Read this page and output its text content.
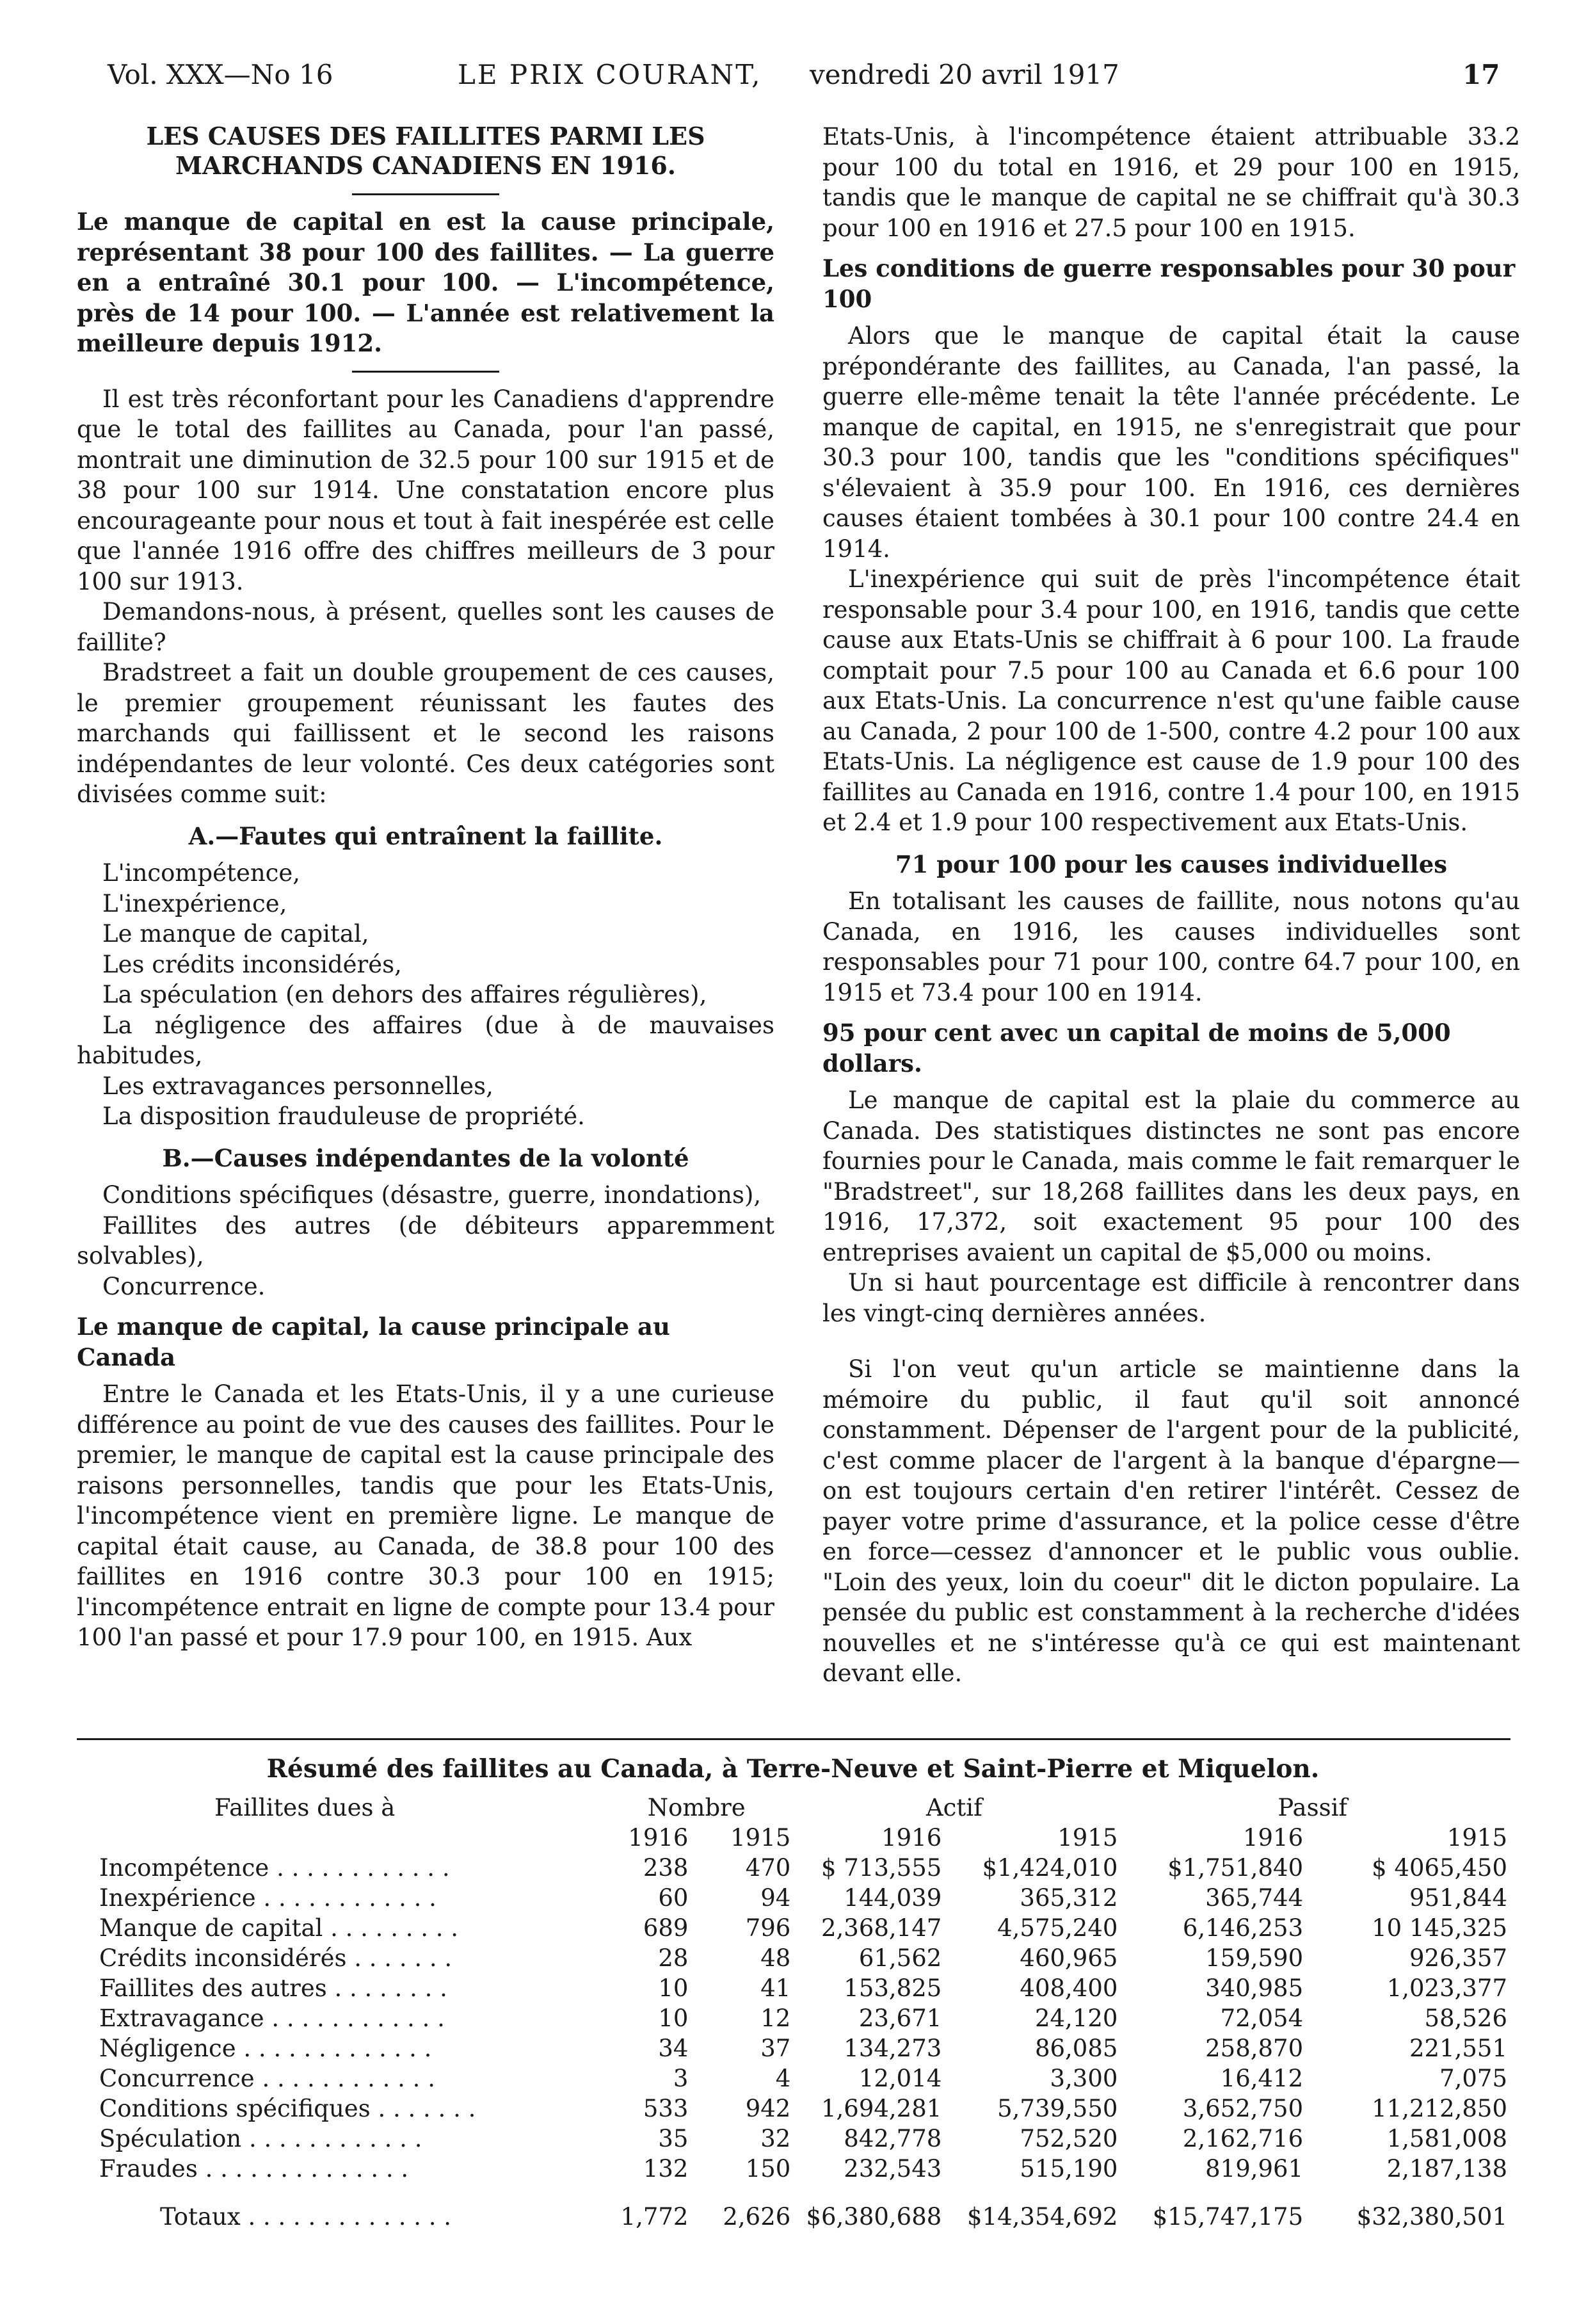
Vol. XXX—No 16	LE PRIX COURANT, vendredi 20 avril 1917	17
LES CAUSES DES FAILLITES PARMI LES MARCHANDS CANADIENS EN 1916.

Le manque de capital en est la cause principale, représentant 38 pour 100 des faillites. — La guerre en a entraîné 30.1 pour 100. — L'incompétence, près de 14 pour 100. — L'année est relativement la meilleure depuis 1912.

Il est très réconfortant pour les Canadiens d'apprendre que le total des faillites au Canada, pour l'an passé, montrait une diminution de 32.5 pour 100 sur 1915 et de 38 pour 100 sur 1914. Une constatation encore plus encourageante pour nous et tout à fait inespérée est celle que l'année 1916 offre des chiffres meilleurs de 3 pour 100 sur 1913.

Demandons-nous, à présent, quelles sont les causes de faillite?

Bradstreet a fait un double groupement de ces causes, le premier groupement réunissant les fautes des marchands qui faillissent et le second les raisons indépendantes de leur volonté. Ces deux catégories sont divisées comme suit:

A.—Fautes qui entraînent la faillite.
L'incompétence,
L'inexpérience,
Le manque de capital,
Les crédits inconsidérés,
La spéculation (en dehors des affaires régulières),

La négligence des affaires (due à de mauvaises habitudes,

Les extravagances personnelles,
La disposition frauduleuse de propriété.
B.—Causes indépendantes de la volonté

Conditions spécifiques (désastre, guerre, inondations),

Faillites des autres (de débiteurs apparemment solvables),

Concurrence.
Le manque de capital, la cause principale au Canada

Entre le Canada et les Etats-Unis, il y a une curieuse différence au point de vue des causes des faillites. Pour le premier, le manque de capital est la cause principale des raisons personnelles, tandis que pour les Etats-Unis, l'incompétence vient en première ligne. Le manque de capital était cause, au Canada, de 38.8 pour 100 des faillites en 1916 contre 30.3 pour 100 en 1915; l'incompétence entrait en ligne de compte pour 13.4 pour 100 l'an passé et pour 17.9 pour 100, en 1915. Aux

Etats-Unis, à l'incompétence étaient attribuable 33.2 pour 100 du total en 1916, et 29 pour 100 en 1915, tandis que le manque de capital ne se chiffrait qu'à 30.3 pour 100 en 1916 et 27.5 pour 100 en 1915.

Les conditions de guerre responsables pour 30 pour 100

Alors que le manque de capital était la cause prépondérante des faillites, au Canada, l'an passé, la guerre elle-même tenait la tête l'année précédente. Le manque de capital, en 1915, ne s'enregistrait que pour 30.3 pour 100, tandis que les "conditions spécifiques" s'élevaient à 35.9 pour 100. En 1916, ces dernières causes étaient tombées à 30.1 pour 100 contre 24.4 en 1914.

L'inexpérience qui suit de près l'incompétence était responsable pour 3.4 pour 100, en 1916, tandis que cette cause aux Etats-Unis se chiffrait à 6 pour 100. La fraude comptait pour 7.5 pour 100 au Canada et 6.6 pour 100 aux Etats-Unis. La concurrence n'est qu'une faible cause au Canada, 2 pour 100 de 1-500, contre 4.2 pour 100 aux Etats-Unis. La négligence est cause de 1.9 pour 100 des faillites au Canada en 1916, contre 1.4 pour 100, en 1915 et 2.4 et 1.9 pour 100 respectivement aux Etats-Unis.

71 pour 100 pour les causes individuelles

En totalisant les causes de faillite, nous notons qu'au Canada, en 1916, les causes individuelles sont responsables pour 71 pour 100, contre 64.7 pour 100, en 1915 et 73.4 pour 100 en 1914.

95 pour cent avec un capital de moins de 5,000 dollars.

Le manque de capital est la plaie du commerce au Canada. Des statistiques distinctes ne sont pas encore fournies pour le Canada, mais comme le fait remarquer le "Bradstreet", sur 18,268 faillites dans les deux pays, en 1916, 17,372, soit exactement 95 pour 100 des entreprises avaient un capital de $5,000 ou moins.

Un si haut pourcentage est difficile à rencontrer dans les vingt-cinq dernières années.

Si l'on veut qu'un article se maintienne dans la mémoire du public, il faut qu'il soit annoncé constamment. Dépenser de l'argent pour de la publicité, c'est comme placer de l'argent à la banque d'épargne—on est toujours certain d'en retirer l'intérêt. Cessez de payer votre prime d'assurance, et la police cesse d'être en force—cessez d'annoncer et le public vous oublie. "Loin des yeux, loin du coeur" dit le dicton populaire. La pensée du public est constamment à la recherche d'idées nouvelles et ne s'intéresse qu'à ce qui est maintenant devant elle.

Résumé des faillites au Canada, à Terre-Neuve et Saint-Pierre et Miquelon.
Faillites dues à	Nombre		Actif		Passif	
	1916	1915	1916	1915	1916	1915
Incompétence . . . . . . . . . . . .	238	470	$ 713,555	$1,424,010	$1,751,840	$ 4065,450
Inexpérience . . . . . . . . . . . .	60	94	144,039	365,312	365,744	951,844
Manque de capital . . . . . . . . .	689	796	2,368,147	4,575,240	6,146,253	10 145,325
Crédits inconsidérés . . . . . . .	28	48	61,562	460,965	159,590	926,357
Faillites des autres . . . . . . . .	10	41	153,825	408,400	340,985	1,023,377
Extravagance . . . . . . . . . . . .	10	12	23,671	24,120	72,054	58,526
Négligence . . . . . . . . . . . . .	34	37	134,273	86,085	258,870	221,551
Concurrence . . . . . . . . . . . .	3	4	12,014	3,300	16,412	7,075
Conditions spécifiques . . . . . . .	533	942	1,694,281	5,739,550	3,652,750	11,212,850
Spéculation . . . . . . . . . . . .	35	32	842,778	752,520	2,162,716	1,581,008
Fraudes . . . . . . . . . . . . . .	132	150	232,543	515,190	819,961	2,187,138
Totaux . . . . . . . . . . . . . .	1,772	2,626	$6,380,688	$14,354,692	$15,747,175	$32,380,501
